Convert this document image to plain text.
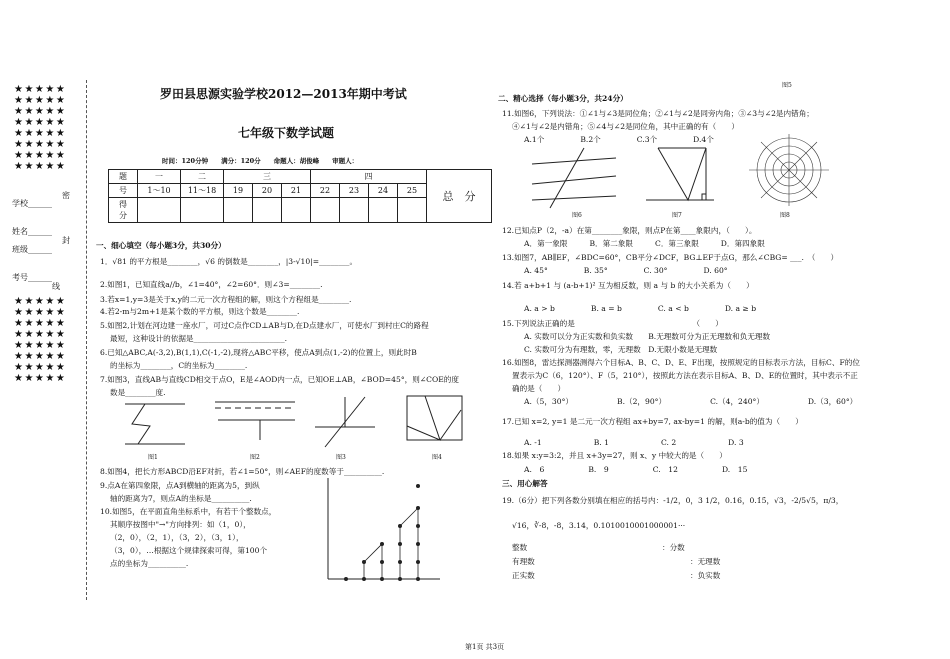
★★★★★★★★★★★★★★★★★★★★★★★★★★★★★★★★★★★★★★★★
★★★★★★★★★★★★★★★★★★★★★★★★★★★★★★★★★★★★★★★★
密
学校______
姓名______
封
班级______
考号______
线
罗田县思源实验学校2012—2013年期中考试
七年级下数学试题
时间：120分钟　　满分：120分　　命题人：胡俊峰　　审题人：
图5
题	一	二	三			四				总　分
号	1～10	11～18	19	20	21	22	23	24	25	
得
分										
一、细心填空（每小题3分，共30分）
1．√81 的平方根是________，√6 的倒数是________，|3-√10|=________。
2.如图1，已知直线a//b，∠1=40°，∠2=60°．则∠3=________.
3.若x=1,y=3是关于x,y的二元一次方程组的解，则这个方程组是________.
4.若2-m与2m+1是某个数的平方根，则这个数是________.
5.如图2,计划在河边建一座水厂，可过C点作CD⊥AB与D,在D点建水厂，可使水厂到村庄C的路程
最短，这种设计的依据是________________________.
6.已知△ABC,A(-3,2),B(1,1),C(-1,-2),现将△ABC平移，使点A到点(1,-2)的位置上，则此时B
的坐标为________，C的坐标为________.
7.如图3，直线AB与直线CD相交于点O，E是∠AOD内一点，已知OE⊥AB，∠BOD=45°，则∠COE的度
数是________度.
图1	图2	图3	图4
8.如图4，把长方形ABCD沿EF对折，若∠1=50°，则∠AEF的度数等于__________.
9.点A在第四象限，点A到横轴的距离为5，到纵
轴的距离为7，则点A的坐标是__________.
10.如图5，在平面直角坐标系中，有若干个整数点，
其顺序按图中"→"方向排列：如（1，0），
（2，0），（2，1），（3，2），（3，1），
（3，0），…根据这个规律探索可得，第100个
点的坐标为__________.
二、精心选择（每小题3分，共24分）
11.如图6，下列说法：①∠1与∠3是同位角；②∠1与∠2是同旁内角；③∠3与∠2是内错角；
④∠1与∠2是内错角；⑤∠4与∠2是同位角，其中正确的有（　　）
A.1个	B.2个	C.3个	D.4个
图6	图7	图8
12.已知点P（2，-a）在第________象限，则点P在第____象限内，（　　）。
A．第一象限	B．第二象限	C．第三象限	D．第四象限
13.如图7，AB∥EF，∠BDC=60°，CB平分∠DCF，BG⊥EF于点G，那么∠CBG= ___.　（　　）
A. 45°	B. 35°	C. 30°	D. 60°
14.若 a+b+1 与 (a-b+1)² 互为相反数，则 a 与 b 的大小关系为（　　）
A. a > b	B. a = b	C. a < b	D. a ≥ b
15.下列说法正确的是　　　　　　　　　　　　　　　　（　　）
A. 实数可以分为正实数和负实数　　B.无理数可分为正无理数和负无理数
C. 实数可分为有理数，零，无理数　D.无限小数是无理数
16.如图8，雷达探测器测得六个目标A、B、C、D、E、F出现，按照规定的目标表示方法，目标C、F的位
置表示为C（6，120°）、F（5，210°），按照此方法在表示目标A、B、D、E的位置时，其中表示不正
确的是（　　）
A.（5，30°）	B.（2，90°）	C.（4，240°）	D.（3，60°）
17.已知 x=2, y=1 是二元一次方程组 ax+by=7, ax-by=1 的解，则a-b的值为（　　）
A. -1	B. 1	C. 2	D. 3
18.如果 x:y=3:2，并且 x+3y=27，则 x、y 中较大的是（　　）
A.　6	B.　9	C.　12	D.　15
三、用心解答
19.（6分）把下列各数分别填在相应的括号内：-1/2，0，3 1/2，0.16，0.1̇5̇，√3，-2/5√5，π/3，
√16，∛-8，-8，3.14，0.1010010001000001···
整数	：分数
有理数	：无理数
正实数	：负实数
第1页 共3页
